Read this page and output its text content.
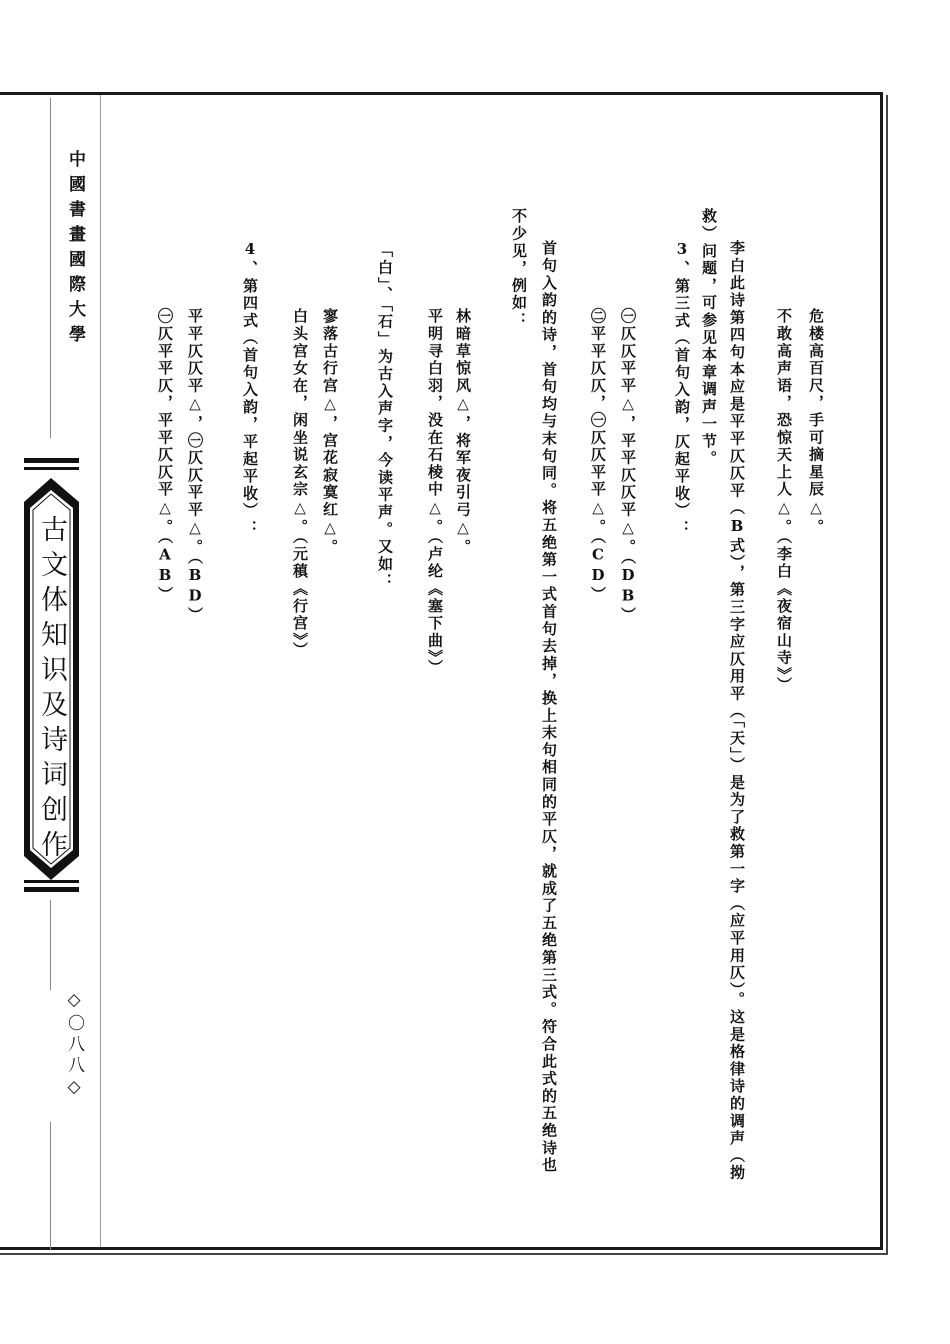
中國書畫國際大學
古文体知识及诗词创作
◇〇八八◇
危楼高百尺，手可摘星辰△。
不敢高声语，恐惊天上人△。（李白《夜宿山寺》）
李白此诗第四句本应是平平仄仄平（B式），第三字应仄用平（「天」）是为了救第一字（应平用仄）。这是格律诗的调声（拗
救）问题，可参见本章调声一节。
3、第三式（首句入韵，仄起平收）：
㊀仄仄平平△，平平仄仄平△。（DB）
㊁平平仄仄，㊀仄仄平平△。（CD）
首句入韵的诗，首句均与末句同。将五绝第一式首句去掉，换上末句相同的平仄，就成了五绝第三式。符合此式的五绝诗也
不少见，例如：
林暗草惊风△，将军夜引弓△。
平明寻白羽，没在石棱中△。（卢纶《塞下曲》）
「白」、「石」为古入声字，今读平声。又如：
寥落古行宫△，宫花寂寞红△。
白头宫女在，闲坐说玄宗△。（元稹《行宫》）
4、第四式（首句入韵，平起平收）：
平平仄仄平△，㊀仄仄平平△。（BD）
㊀仄平平仄，平平仄仄平△。（AB）
